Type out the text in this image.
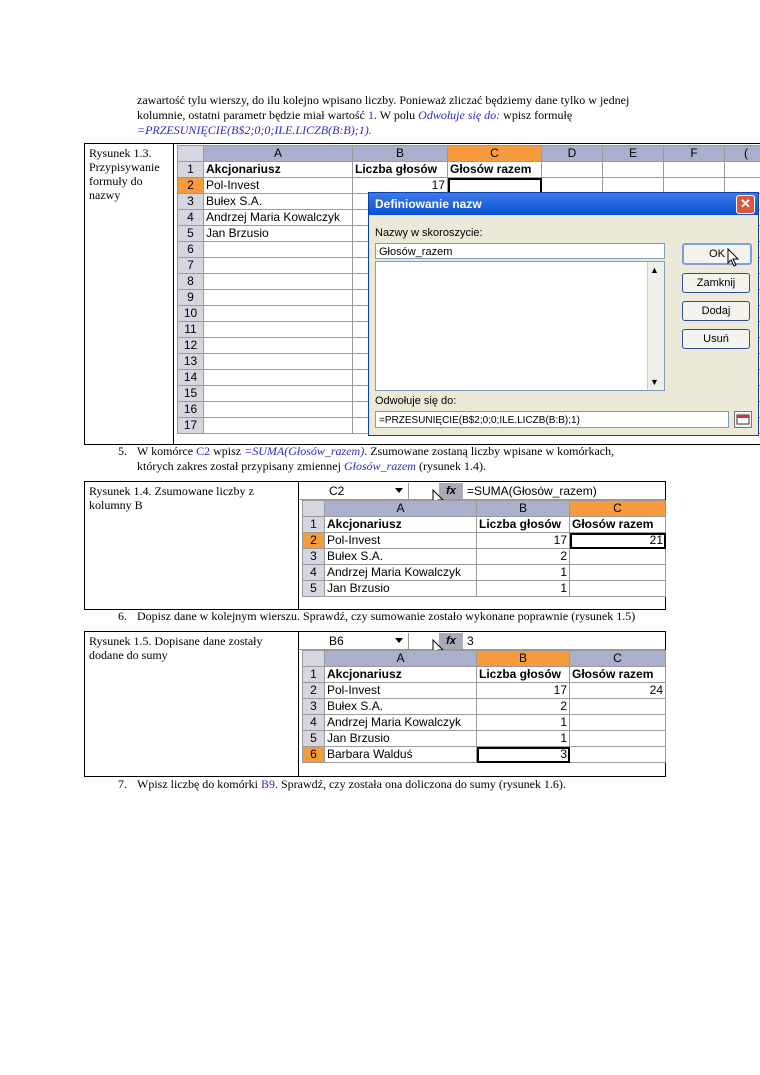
zawartość tylu wierszy, do ilu kolejno wpisano liczby. Ponieważ zliczać będziemy dane tylko w jednej
kolumnie, ostatni parametr będzie miał wartość 1. W polu Odwołuje się do: wpisz formułę
=PRZESUNIĘCIE(B$2;0;0;ILE.LICZB(B:B);1).
Rysunek 1.3. Przypisywanie formuły do nazwy
	A	B	C	D	E	F	(
1	Akcjonariusz	Liczba głosów	Głosów razem				
2	Pol-Invest	17					
3	Bułex S.A.						
4	Andrzej Maria Kowalczyk						
5	Jan Brzusio						
6							
7							
8							
9							
10							
11							
12							
13							
14							
15							
16							
17							
Definiowanie nazw	✕
Nazwy w skoroszycie:
Głosów_razem
▲
▼
Odwołuje się do:
=PRZESUNIĘCIE(B$2;0;0;ILE.LICZB(B:B);1)
OK
Zamknij
Dodaj
Usuń
5. W komórce C2 wpisz =SUMA(Głosów_razem). Zsumowane zostaną liczby wpisane w komórkach,
których zakres został przypisany zmiennej Głosów_razem (rysunek 1.4).
Rysunek 1.4. Zsumowane liczby z kolumny B
C2	fx =SUMA(Głosów_razem)
	A	B	C
1	Akcjonariusz	Liczba głosów	Głosów razem
2	Pol-Invest	17	21
3	Bułex S.A.	2	
4	Andrzej Maria Kowalczyk	1	
5	Jan Brzusio	1	
6. Dopisz dane w kolejnym wierszu. Sprawdź, czy sumowanie zostało wykonane poprawnie (rysunek 1.5)
Rysunek 1.5. Dopisane dane zostały dodane do sumy
B6	fx 3
	A	B	C
1	Akcjonariusz	Liczba głosów	Głosów razem
2	Pol-Invest	17	24
3	Bułex S.A.	2	
4	Andrzej Maria Kowalczyk	1	
5	Jan Brzusio	1	
6	Barbara Walduś	3	
7. Wpisz liczbę do komórki B9. Sprawdź, czy została ona doliczona do sumy (rysunek 1.6).
